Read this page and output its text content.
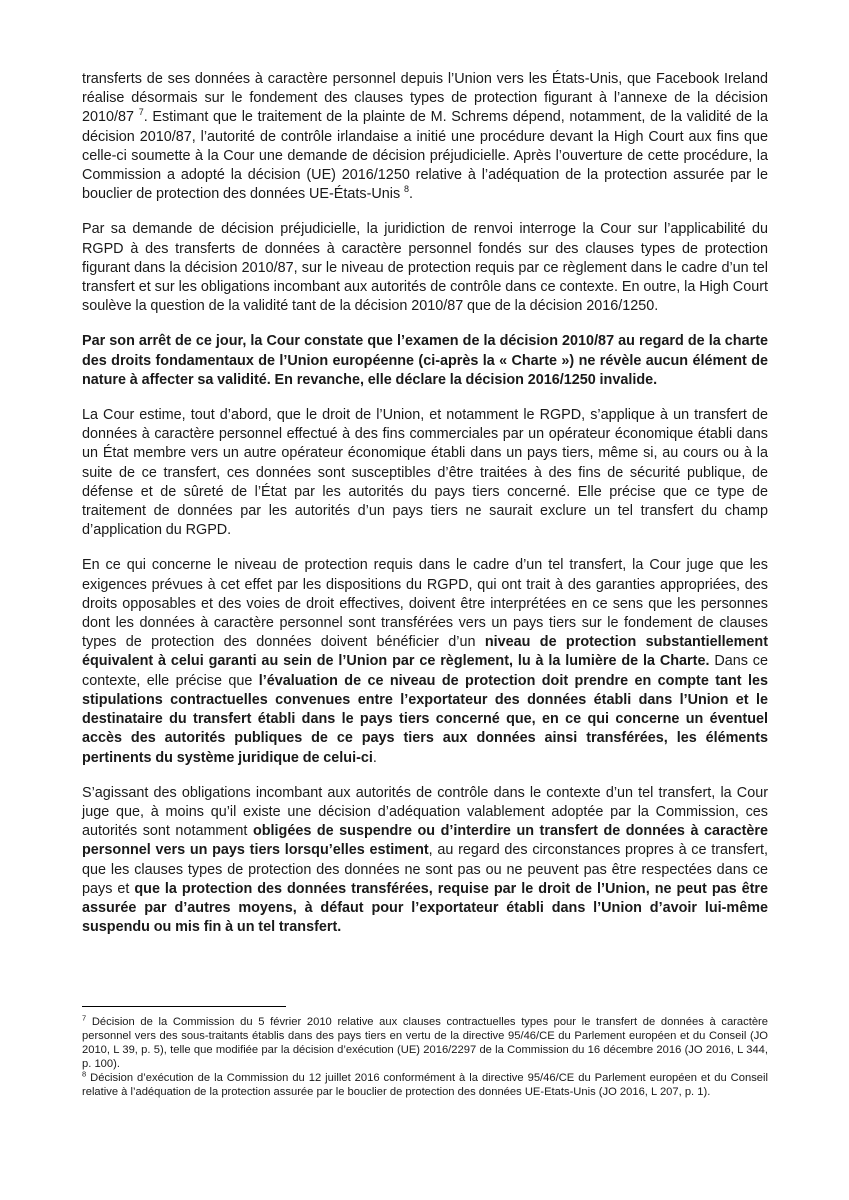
transferts de ses données à caractère personnel depuis l’Union vers les États-Unis, que Facebook Ireland réalise désormais sur le fondement des clauses types de protection figurant à l’annexe de la décision 2010/87 $^7$. Estimant que le traitement de la plainte de M. Schrems dépend, notamment, de la validité de la décision 2010/87, l’autorité de contrôle irlandaise a initié une procédure devant la High Court aux fins que celle-ci soumette à la Cour une demande de décision préjudicielle. Après l’ouverture de cette procédure, la Commission a adopté la décision (UE) 2016/1250 relative à l’adéquation de la protection assurée par le bouclier de protection des données UE-États-Unis $^8$.

Par sa demande de décision préjudicielle, la juridiction de renvoi interroge la Cour sur l’applicabilité du RGPD à des transferts de données à caractère personnel fondés sur des clauses types de protection figurant dans la décision 2010/87, sur le niveau de protection requis par ce règlement dans le cadre d’un tel transfert et sur les obligations incombant aux autorités de contrôle dans ce contexte. En outre, la High Court soulève la question de la validité tant de la décision 2010/87 que de la décision 2016/1250.

Par son arrêt de ce jour, la Cour constate que l’examen de la décision 2010/87 au regard de la charte des droits fondamentaux de l’Union européenne (ci-après la « Charte ») ne révèle aucun élément de nature à affecter sa validité. En revanche, elle déclare la décision 2016/1250 invalide.

La Cour estime, tout d’abord, que le droit de l’Union, et notamment le RGPD, s’applique à un transfert de données à caractère personnel effectué à des fins commerciales par un opérateur économique établi dans un État membre vers un autre opérateur économique établi dans un pays tiers, même si, au cours ou à la suite de ce transfert, ces données sont susceptibles d’être traitées à des fins de sécurité publique, de défense et de sûreté de l’État par les autorités du pays tiers concerné. Elle précise que ce type de traitement de données par les autorités d’un pays tiers ne saurait exclure un tel transfert du champ d’application du RGPD.

En ce qui concerne le niveau de protection requis dans le cadre d’un tel transfert, la Cour juge que les exigences prévues à cet effet par les dispositions du RGPD, qui ont trait à des garanties appropriées, des droits opposables et des voies de droit effectives, doivent être interprétées en ce sens que les personnes dont les données à caractère personnel sont transférées vers un pays tiers sur le fondement de clauses types de protection des données doivent bénéficier d’un niveau de protection substantiellement équivalent à celui garanti au sein de l’Union par ce règlement, lu à la lumière de la Charte. Dans ce contexte, elle précise que l’évaluation de ce niveau de protection doit prendre en compte tant les stipulations contractuelles convenues entre l’exportateur des données établi dans l’Union et le destinataire du transfert établi dans le pays tiers concerné que, en ce qui concerne un éventuel accès des autorités publiques de ce pays tiers aux données ainsi transférées, les éléments pertinents du système juridique de celui-ci.

S’agissant des obligations incombant aux autorités de contrôle dans le contexte d’un tel transfert, la Cour juge que, à moins qu’il existe une décision d’adéquation valablement adoptée par la Commission, ces autorités sont notamment obligées de suspendre ou d’interdire un transfert de données à caractère personnel vers un pays tiers lorsqu’elles estiment, au regard des circonstances propres à ce transfert, que les clauses types de protection des données ne sont pas ou ne peuvent pas être respectées dans ce pays et que la protection des données transférées, requise par le droit de l’Union, ne peut pas être assurée par d’autres moyens, à défaut pour l’exportateur établi dans l’Union d’avoir lui-même suspendu ou mis fin à un tel transfert.

$^7$ Décision de la Commission du 5 février 2010 relative aux clauses contractuelles types pour le transfert de données à caractère personnel vers des sous-traitants établis dans des pays tiers en vertu de la directive 95/46/CE du Parlement européen et du Conseil (JO 2010, L 39, p. 5), telle que modifiée par la décision d’exécution (UE) 2016/2297 de la Commission du 16 décembre 2016 (JO 2016, L 344, p. 100).

$^8$ Décision d’exécution de la Commission du 12 juillet 2016 conformément à la directive 95/46/CE du Parlement européen et du Conseil relative à l’adéquation de la protection assurée par le bouclier de protection des données UE-Etats-Unis (JO 2016, L 207, p. 1).
